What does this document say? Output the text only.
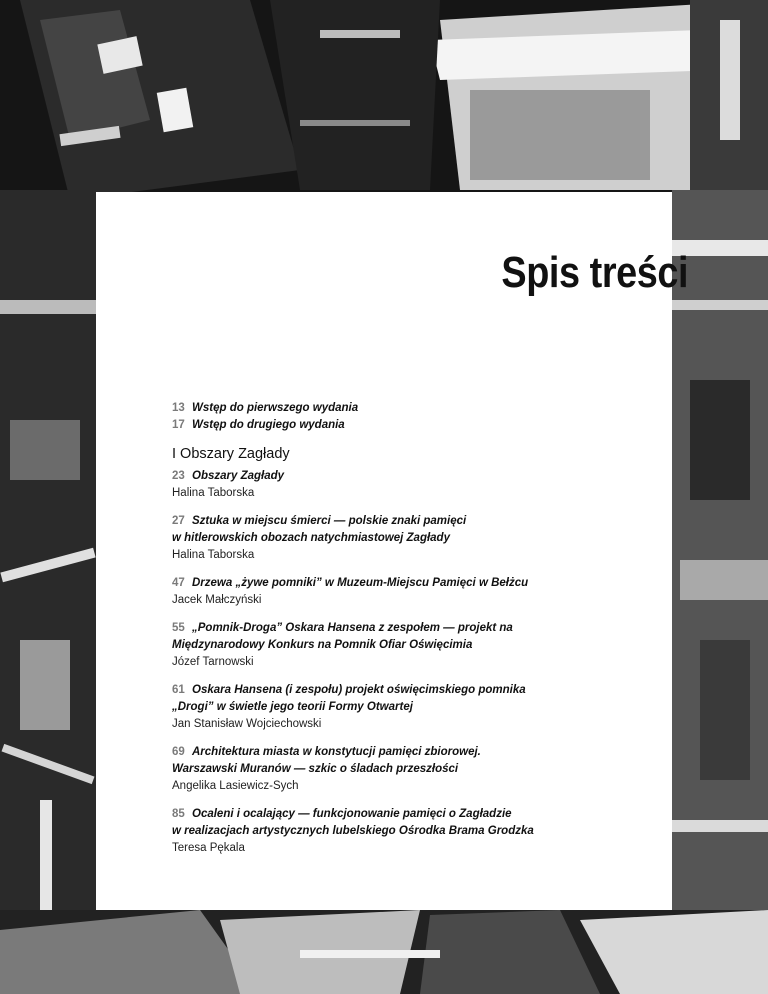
Spis treści
13 Wstęp do pierwszego wydania
17 Wstęp do drugiego wydania
I Obszary Zagłady
23 Obszary Zagłady
Halina Taborska
27 Sztuka w miejscu śmierci — polskie znaki pamięci
w hitlerowskich obozach natychmiastowej Zagłady
Halina Taborska
47 Drzewa „żywe pomniki” w Muzeum-Miejscu Pamięci w Bełżcu
Jacek Małczyński
55 „Pomnik-Droga” Oskara Hansena z zespołem — projekt na
Międzynarodowy Konkurs na Pomnik Ofiar Oświęcimia
Józef Tarnowski
61 Oskara Hansena (i zespołu) projekt oświęcimskiego pomnika
„Drogi” w świetle jego teorii Formy Otwartej
Jan Stanisław Wojciechowski
69 Architektura miasta w konstytucji pamięci zbiorowej.
Warszawski Muranów — szkic o śladach przeszłości
Angelika Lasiewicz-Sych
85 Ocaleni i ocalający — funkcjonowanie pamięci o Zagładzie
w realizacjach artystycznych lubelskiego Ośrodka Brama Grodzka
Teresa Pękala
